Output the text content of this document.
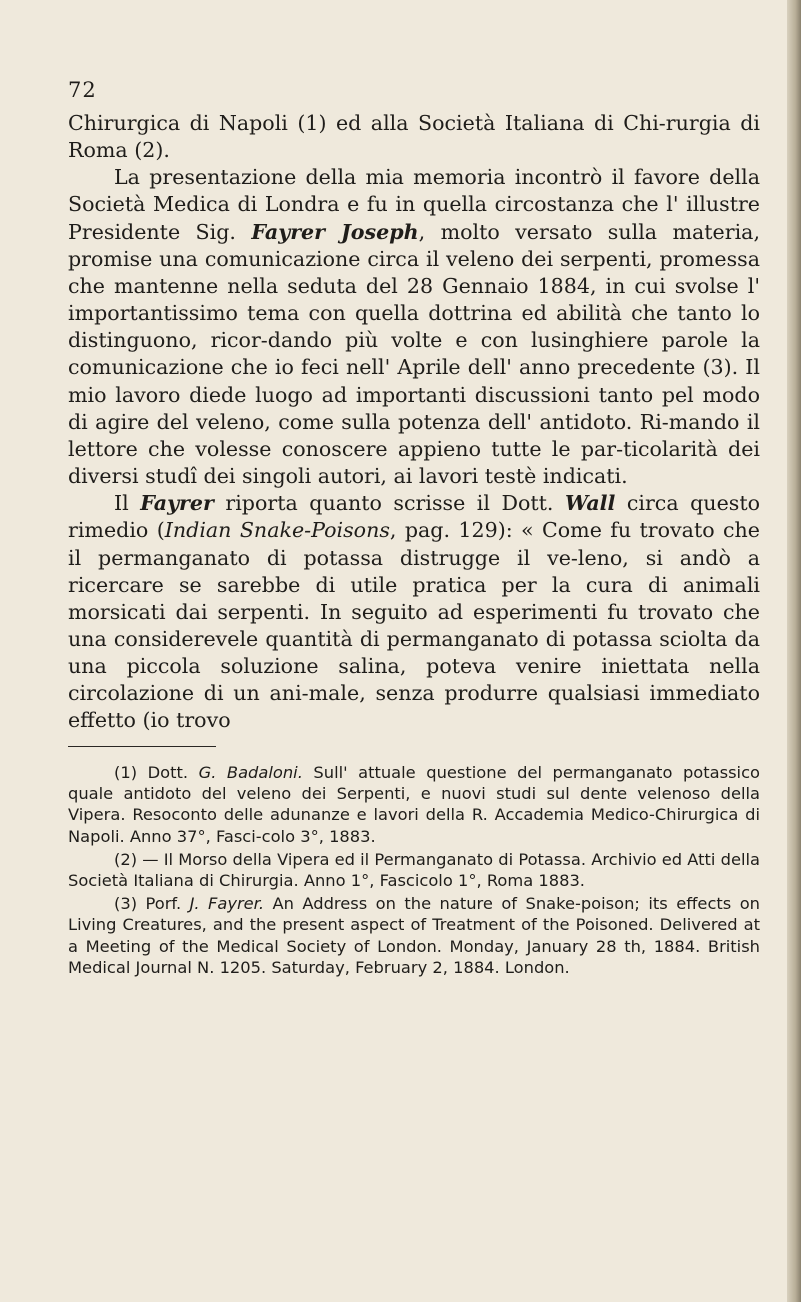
72

Chirurgica di Napoli (1) ed alla Società Italiana di Chi-rurgia di Roma (2).

La presentazione della mia memoria incontrò il favore della Società Medica di Londra e fu in quella circostanza che l' illustre Presidente Sig. Fayrer Joseph, molto versato sulla materia, promise una comunicazione circa il veleno dei serpenti, promessa che mantenne nella seduta del 28 Gennaio 1884, in cui svolse l' importantissimo tema con quella dottrina ed abilità che tanto lo distinguono, ricor-dando più volte e con lusinghiere parole la comunicazione che io feci nell' Aprile dell' anno precedente (3). Il mio lavoro diede luogo ad importanti discussioni tanto pel modo di agire del veleno, come sulla potenza dell' antidoto. Ri-mando il lettore che volesse conoscere appieno tutte le par-ticolarità dei diversi studî dei singoli autori, ai lavori testè indicati.

Il Fayrer riporta quanto scrisse il Dott. Wall circa questo rimedio (Indian Snake-Poisons, pag. 129): « Come fu trovato che il permanganato di potassa distrugge il ve-leno, si andò a ricercare se sarebbe di utile pratica per la cura di animali morsicati dai serpenti. In seguito ad esperimenti fu trovato che una considerevele quantità di permanganato di potassa sciolta da una piccola soluzione salina, poteva venire iniettata nella circolazione di un ani-male, senza produrre qualsiasi immediato effetto (io trovo

(1) Dott. G. Badaloni. Sull' attuale questione del permanganato potassico quale antidoto del veleno dei Serpenti, e nuovi studi sul dente velenoso della Vipera. Resoconto delle adunanze e lavori della R. Accademia Medico-Chirurgica di Napoli. Anno 37°, Fasci-colo 3°, 1883.

(2) — Il Morso della Vipera ed il Permanganato di Potassa. Archivio ed Atti della Società Italiana di Chirurgia. Anno 1°, Fascicolo 1°, Roma 1883.

(3) Porf. J. Fayrer. An Address on the nature of Snake-poison; its effects on Living Creatures, and the present aspect of Treatment of the Poisoned. Delivered at a Meeting of the Medical Society of London. Monday, January 28 th, 1884. British Medical Journal N. 1205. Saturday, February 2, 1884. London.
